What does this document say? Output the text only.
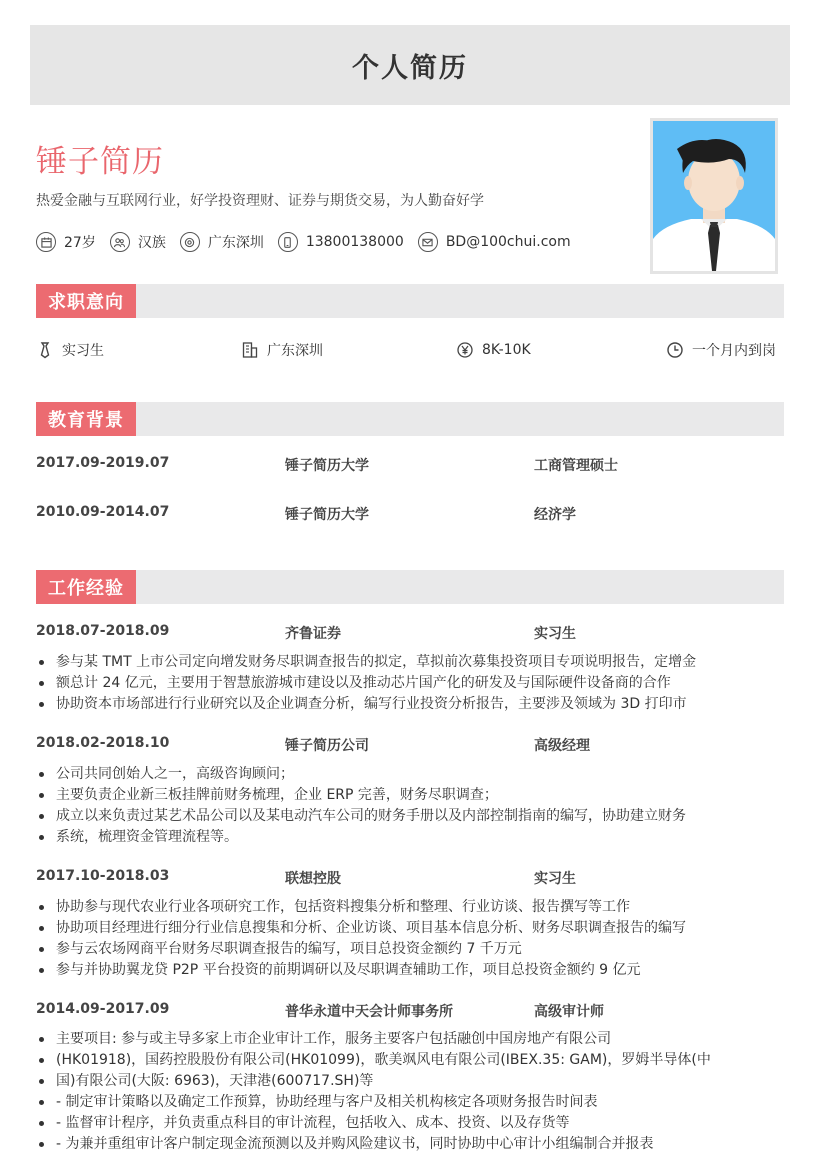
个人简历
锤子简历
热爱金融与互联网行业，好学投资理财、证券与期货交易，为人勤奋好学
27岁	汉族	广东深圳	13800138000	BD@100chui.com
求职意向
实习生	广东深圳	8K-10K	一个月内到岗
教育背景
2017.09-2019.07	锤子简历大学	工商管理硕士
2010.09-2014.07	锤子简历大学	经济学
工作经验
2018.07-2018.09	齐鲁证券	实习生
参与某 TMT 上市公司定向增发财务尽职调查报告的拟定，草拟前次募集投资项目专项说明报告，定增金
额总计 24 亿元，主要用于智慧旅游城市建设以及推动芯片国产化的研发及与国际硬件设备商的合作
协助资本市场部进行行业研究以及企业调查分析，编写行业投资分析报告，主要涉及领域为 3D 打印市
2018.02-2018.10	锤子简历公司	高级经理
公司共同创始人之一，高级咨询顾问；
主要负责企业新三板挂牌前财务梳理，企业 ERP 完善，财务尽职调查；
成立以来负责过某艺术品公司以及某电动汽车公司的财务手册以及内部控制指南的编写，协助建立财务
系统，梳理资金管理流程等。
2017.10-2018.03	联想控股	实习生
协助参与现代农业行业各项研究工作，包括资料搜集分析和整理、行业访谈、报告撰写等工作
协助项目经理进行细分行业信息搜集和分析、企业访谈、项目基本信息分析、财务尽职调查报告的编写
参与云农场网商平台财务尽职调查报告的编写，项目总投资金额约 7 千万元
参与并协助翼龙贷 P2P 平台投资的前期调研以及尽职调查辅助工作，项目总投资金额约 9 亿元
2014.09-2017.09	普华永道中天会计师事务所	高级审计师
主要项目: 参与或主导多家上市企业审计工作，服务主要客户包括融创中国房地产有限公司
(HK01918)，国药控股股份有限公司(HK01099)，歌美飒风电有限公司(IBEX.35: GAM)，罗姆半导体(中
国)有限公司(大阪: 6963)，天津港(600717.SH)等
- 制定审计策略以及确定工作预算，协助经理与客户及相关机构核定各项财务报告时间表
- 监督审计程序，并负责重点科目的审计流程，包括收入、成本、投资、以及存货等
- 为兼并重组审计客户制定现金流预测以及并购风险建议书，同时协助中心审计小组编制合并报表
